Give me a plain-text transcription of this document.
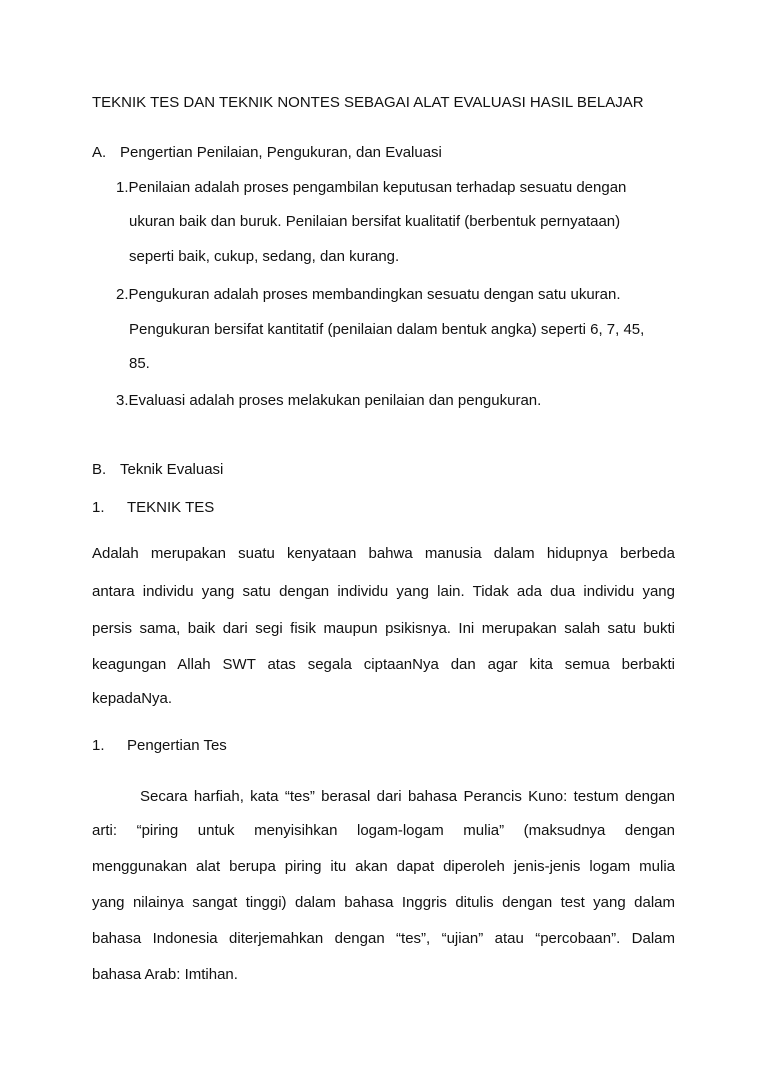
TEKNIK TES DAN TEKNIK NONTES SEBAGAI ALAT EVALUASI HASIL BELAJAR
A. Pengertian Penilaian, Pengukuran, dan Evaluasi
1.Penilaian adalah proses pengambilan keputusan terhadap sesuatu dengan
ukuran baik dan buruk. Penilaian bersifat kualitatif (berbentuk pernyataan)
seperti baik, cukup, sedang, dan kurang.
2.Pengukuran adalah proses membandingkan sesuatu dengan satu ukuran.
Pengukuran bersifat kantitatif (penilaian dalam bentuk angka) seperti 6, 7, 45,
85.
3.Evaluasi adalah proses melakukan penilaian dan pengukuran.
B. Teknik Evaluasi
1. TEKNIK TES
Adalah merupakan suatu kenyataan bahwa manusia dalam hidupnya berbeda
antara individu yang satu dengan individu yang lain. Tidak ada dua individu yang
persis sama, baik dari segi fisik maupun psikisnya. Ini merupakan salah satu bukti
keagungan Allah SWT atas segala ciptaanNya dan agar kita semua berbakti
kepadaNya.
1. Pengertian Tes
Secara harfiah, kata “tes” berasal dari bahasa Perancis Kuno: testum dengan
arti: “piring untuk menyisihkan logam-logam mulia” (maksudnya dengan
menggunakan alat berupa piring itu akan dapat diperoleh jenis-jenis logam mulia
yang nilainya sangat tinggi) dalam bahasa Inggris ditulis dengan test yang dalam
bahasa Indonesia diterjemahkan dengan “tes”, “ujian” atau “percobaan”. Dalam
bahasa Arab: Imtihan.
